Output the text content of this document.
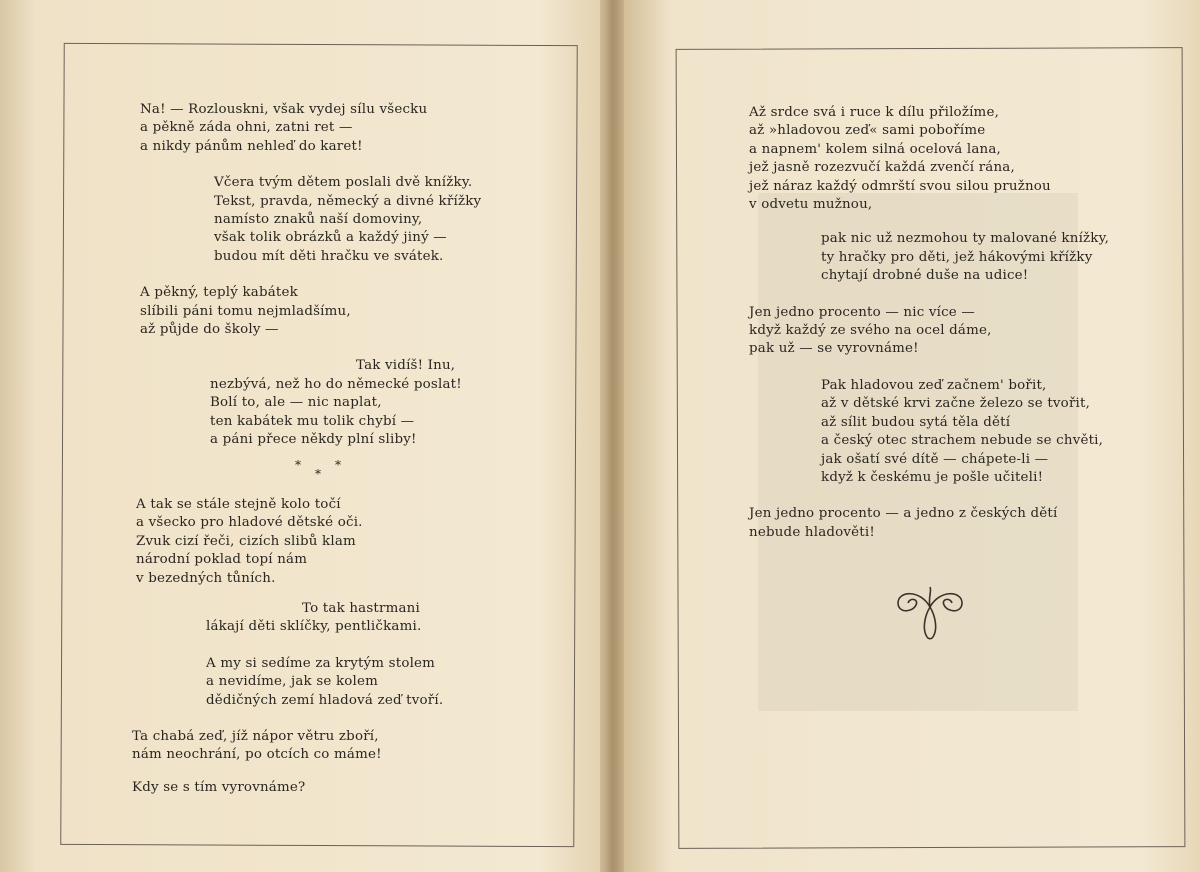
Na! — Rozlouskni, však vydej sílu všecku
a pěkně záda ohni, zatni ret —
a nikdy pánům nehleď do karet!
Včera tvým dětem poslali dvě knížky.
Tekst, pravda, německý a divné křížky
namísto znaků naší domoviny,
však tolik obrázků a každý jiný —
budou mít děti hračku ve svátek.
A pěkný, teplý kabátek
slíbili páni tomu nejmladšímu,
až půjde do školy —
Tak vidíš! Inu,
nezbývá, než ho do německé poslat!
Bolí to, ale — nic naplat,
ten kabátek mu tolik chybí —
a páni přece někdy plní sliby!
*	*
*
A tak se stále stejně kolo točí
a všecko pro hladové dětské oči.
Zvuk cizí řeči, cizích slibů klam
národní poklad topí nám
v bezedných tůních.
To tak hastrmani
lákají děti sklíčky, pentličkami.
A my si sedíme za krytým stolem
a nevidíme, jak se kolem
dědičných zemí hladová zeď tvoří.
Ta chabá zeď, jíž nápor větru zboří,
nám neochrání, po otcích co máme!
Kdy se s tím vyrovnáme?
Až srdce svá i ruce k dílu přiložíme,
až »hladovou zeď« sami poboříme
a napnem' kolem silná ocelová lana,
jež jasně rozezvučí každá zvenčí rána,
jež náraz každý odmrští svou silou pružnou
v odvetu mužnou,
pak nic už nezmohou ty malované knížky,
ty hračky pro děti, jež hákovými křížky
chytají drobné duše na udice!
Jen jedno procento — nic více —
když každý ze svého na ocel dáme,
pak už — se vyrovnáme!
Pak hladovou zeď začnem' bořit,
až v dětské krvi začne železo se tvořit,
až sílit budou sytá těla dětí
a český otec strachem nebude se chvěti,
jak ošatí své dítě — chápete-li —
když k českému je pošle učiteli!
Jen jedno procento — a jedno z českých dětí
nebude hladověti!
